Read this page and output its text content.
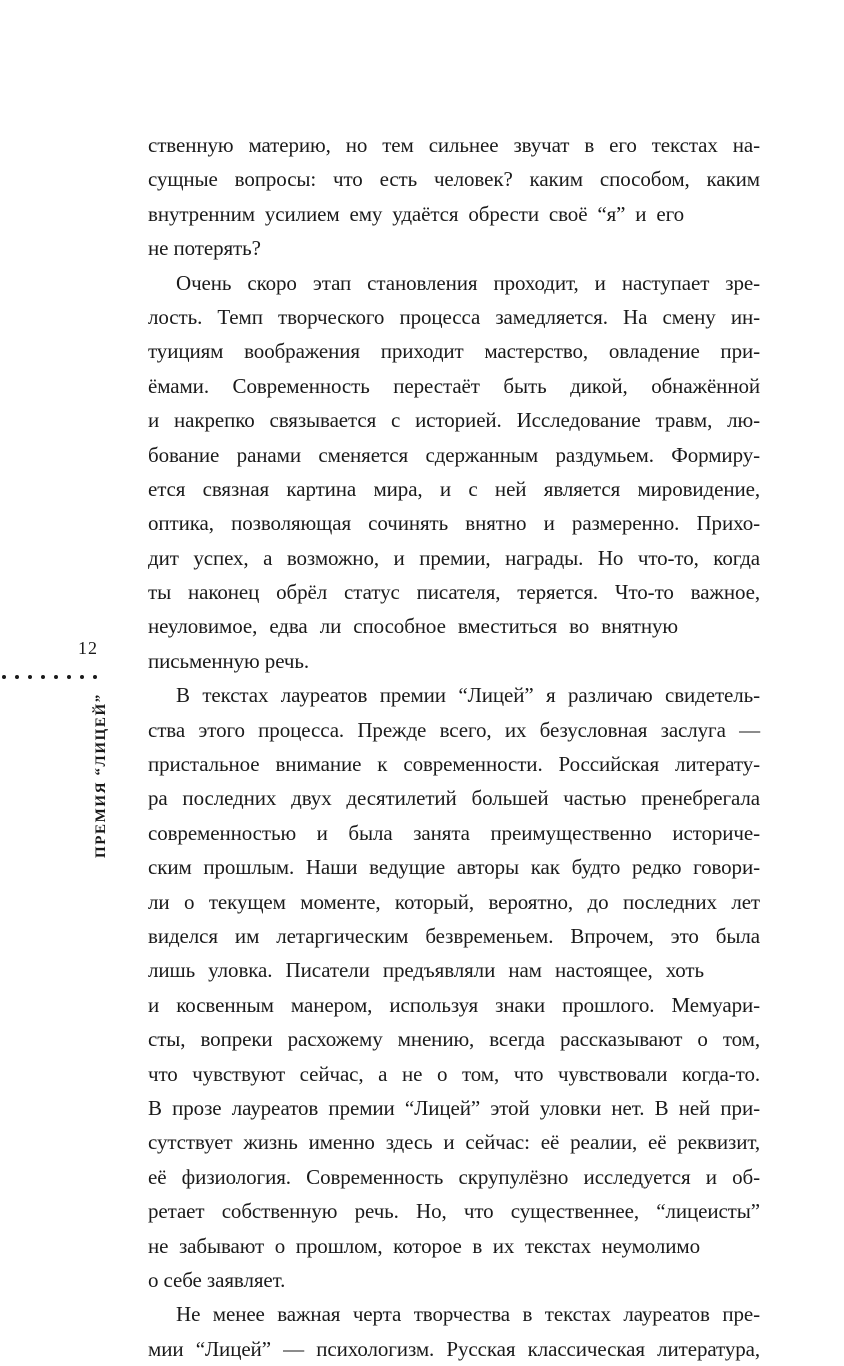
ственную материю, но тем сильнее звучат в его текстах на-
сущные вопросы: что есть человек? каким способом, каким
внутренним усилием ему удаётся обрести своё “я” и его
не потерять?
Очень скоро этап становления проходит, и наступает зре-
лость. Темп творческого процесса замедляется. На смену ин-
туициям воображения приходит мастерство, овладение при-
ёмами. Современность перестаёт быть дикой, обнажённой
и накрепко связывается с историей. Исследование травм, лю-
бование ранами сменяется сдержанным раздумьем. Формиру-
ется связная картина мира, и с ней является мировидение,
оптика, позволяющая сочинять внятно и размеренно. Прихо-
дит успех, а возможно, и премии, награды. Но что-то, когда
ты наконец обрёл статус писателя, теряется. Что-то важное,
неуловимое, едва ли способное вместиться во внятную
письменную речь.
В текстах лауреатов премии “Лицей” я различаю свидетель-
ства этого процесса. Прежде всего, их безусловная заслуга —
пристальное внимание к современности. Российская литерату-
ра последних двух десятилетий большей частью пренебрегала
современностью и была занята преимущественно историче-
ским прошлым. Наши ведущие авторы как будто редко говори-
ли о текущем моменте, который, вероятно, до последних лет
виделся им летаргическим безвременьем. Впрочем, это была
лишь уловка. Писатели предъявляли нам настоящее, хоть
и косвенным манером, используя знаки прошлого. Мемуари-
сты, вопреки расхожему мнению, всегда рассказывают о том,
что чувствуют сейчас, а не о том, что чувствовали когда-то.
В прозе лауреатов премии “Лицей” этой уловки нет. В ней при-
сутствует жизнь именно здесь и сейчас: её реалии, её реквизит,
её физиология. Современность скрупулёзно исследуется и об-
ретает собственную речь. Но, что существеннее, “лицеисты”
не забывают о прошлом, которое в их текстах неумолимо
о себе заявляет.
Не менее важная черта творчества в текстах лауреатов пре-
мии “Лицей” — психологизм. Русская классическая литература,
12
ПРЕМИЯ “ЛИЦЕЙ”
